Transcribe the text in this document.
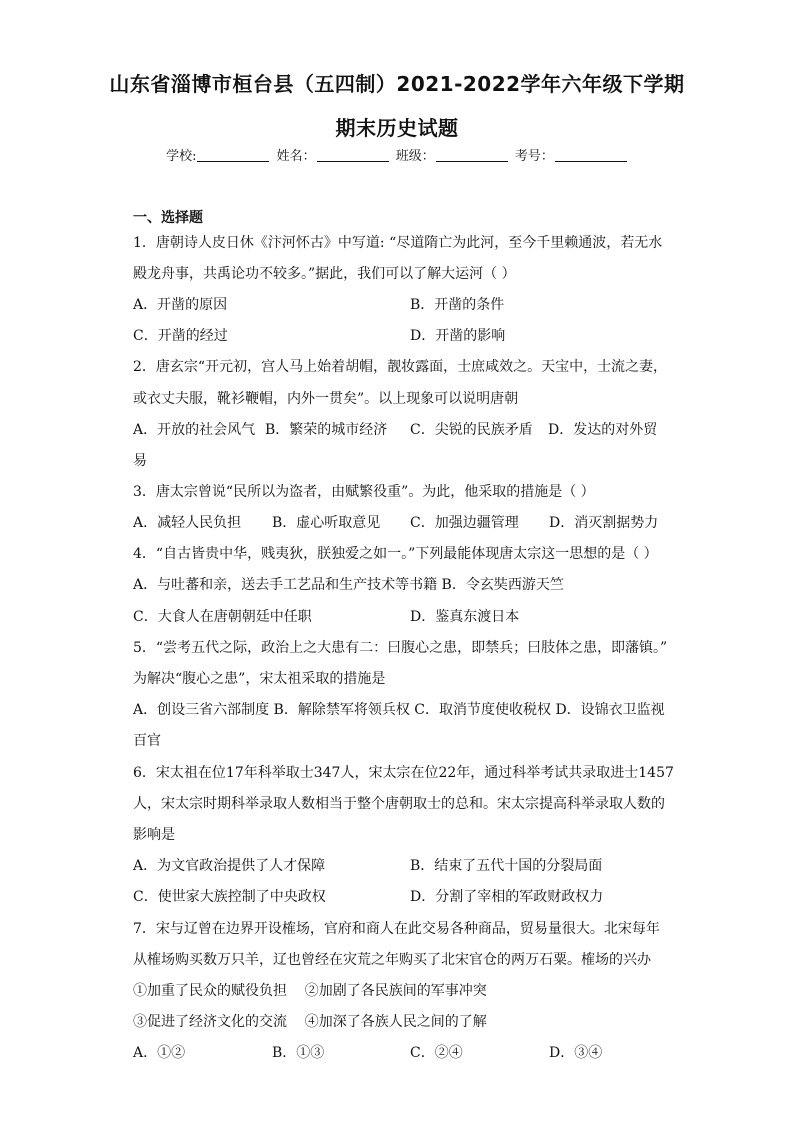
山东省淄博市桓台县（五四制）2021-2022学年六年级下学期
期末历史试题
学校:	姓名：	班级：	考号：
一、选择题
1．唐朝诗人皮日休《汴河怀古》中写道: “尽道隋亡为此河，至今千里赖通波，若无水
殿龙舟事，共禹论功不较多。”据此，我们可以了解大运河（ ）
A．开凿的原因	B．开凿的条件
C．开凿的经过	D．开凿的影响
2．唐玄宗“开元初，宫人马上始着胡帽，靓妆露面，士庶咸效之。天宝中，士流之妻，
或衣丈夫服，靴衫鞭帽，内外一贯矣”。以上现象可以说明唐朝
A．开放的社会风气 B．繁荣的城市经济 C．尖锐的民族矛盾 D．发达的对外贸
易
3．唐太宗曾说“民所以为盗者，由赋繁役重”。为此，他采取的措施是（ ）
A．减轻人民负担 B．虚心听取意见 C．加强边疆管理 D．消灭割据势力
4．“自古皆贵中华，贱夷狄，朕独爱之如一。”下列最能体现唐太宗这一思想的是（ ）
A．与吐蕃和亲，送去手工艺品和生产技术等书籍 B．令玄奘西游天竺
C．大食人在唐朝朝廷中任职	D．鉴真东渡日本
5．“尝考五代之际，政治上之大患有二：曰腹心之患，即禁兵；曰肢体之患，即藩镇。”
为解决“腹心之患”，宋太祖采取的措施是
A．创设三省六部制度 B．解除禁军将领兵权 C．取消节度使收税权 D．设锦衣卫监视
百官
6．宋太祖在位17年科举取士347人，宋太宗在位22年，通过科举考试共录取进士1457
人，宋太宗时期科举录取人数相当于整个唐朝取士的总和。宋太宗提高科举录取人数的
影响是
A．为文官政治提供了人才保障	B．结束了五代十国的分裂局面
C．使世家大族控制了中央政权	D．分割了宰相的军政财政权力
7．宋与辽曾在边界开设榷场，官府和商人在此交易各种商品，贸易量很大。北宋每年
从榷场购买数万只羊，辽也曾经在灾荒之年购买了北宋官仓的两万石粟。榷场的兴办
①加重了民众的赋役负担    ②加剧了各民族间的军事冲突
③促进了经济文化的交流    ④加深了各族人民之间的了解
A．①②	B．①③	C．②④	D．③④
